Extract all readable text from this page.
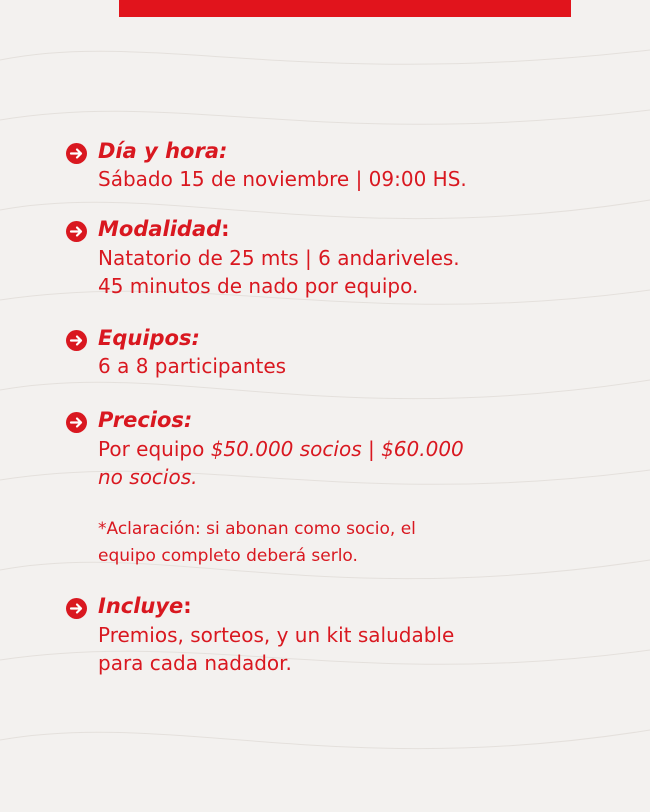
Día y hora:
Sábado 15 de noviembre | 09:00 HS.
Modalidad:
Natatorio de 25 mts | 6 andariveles.
45 minutos de nado por equipo.
Equipos:
6 a 8 participantes
Precios:
Por equipo $50.000 socios | $60.000
no socios.
*Aclaración: si abonan como socio, el
equipo completo deberá serlo.
Incluye:
Premios, sorteos, y un kit saludable
para cada nadador.
